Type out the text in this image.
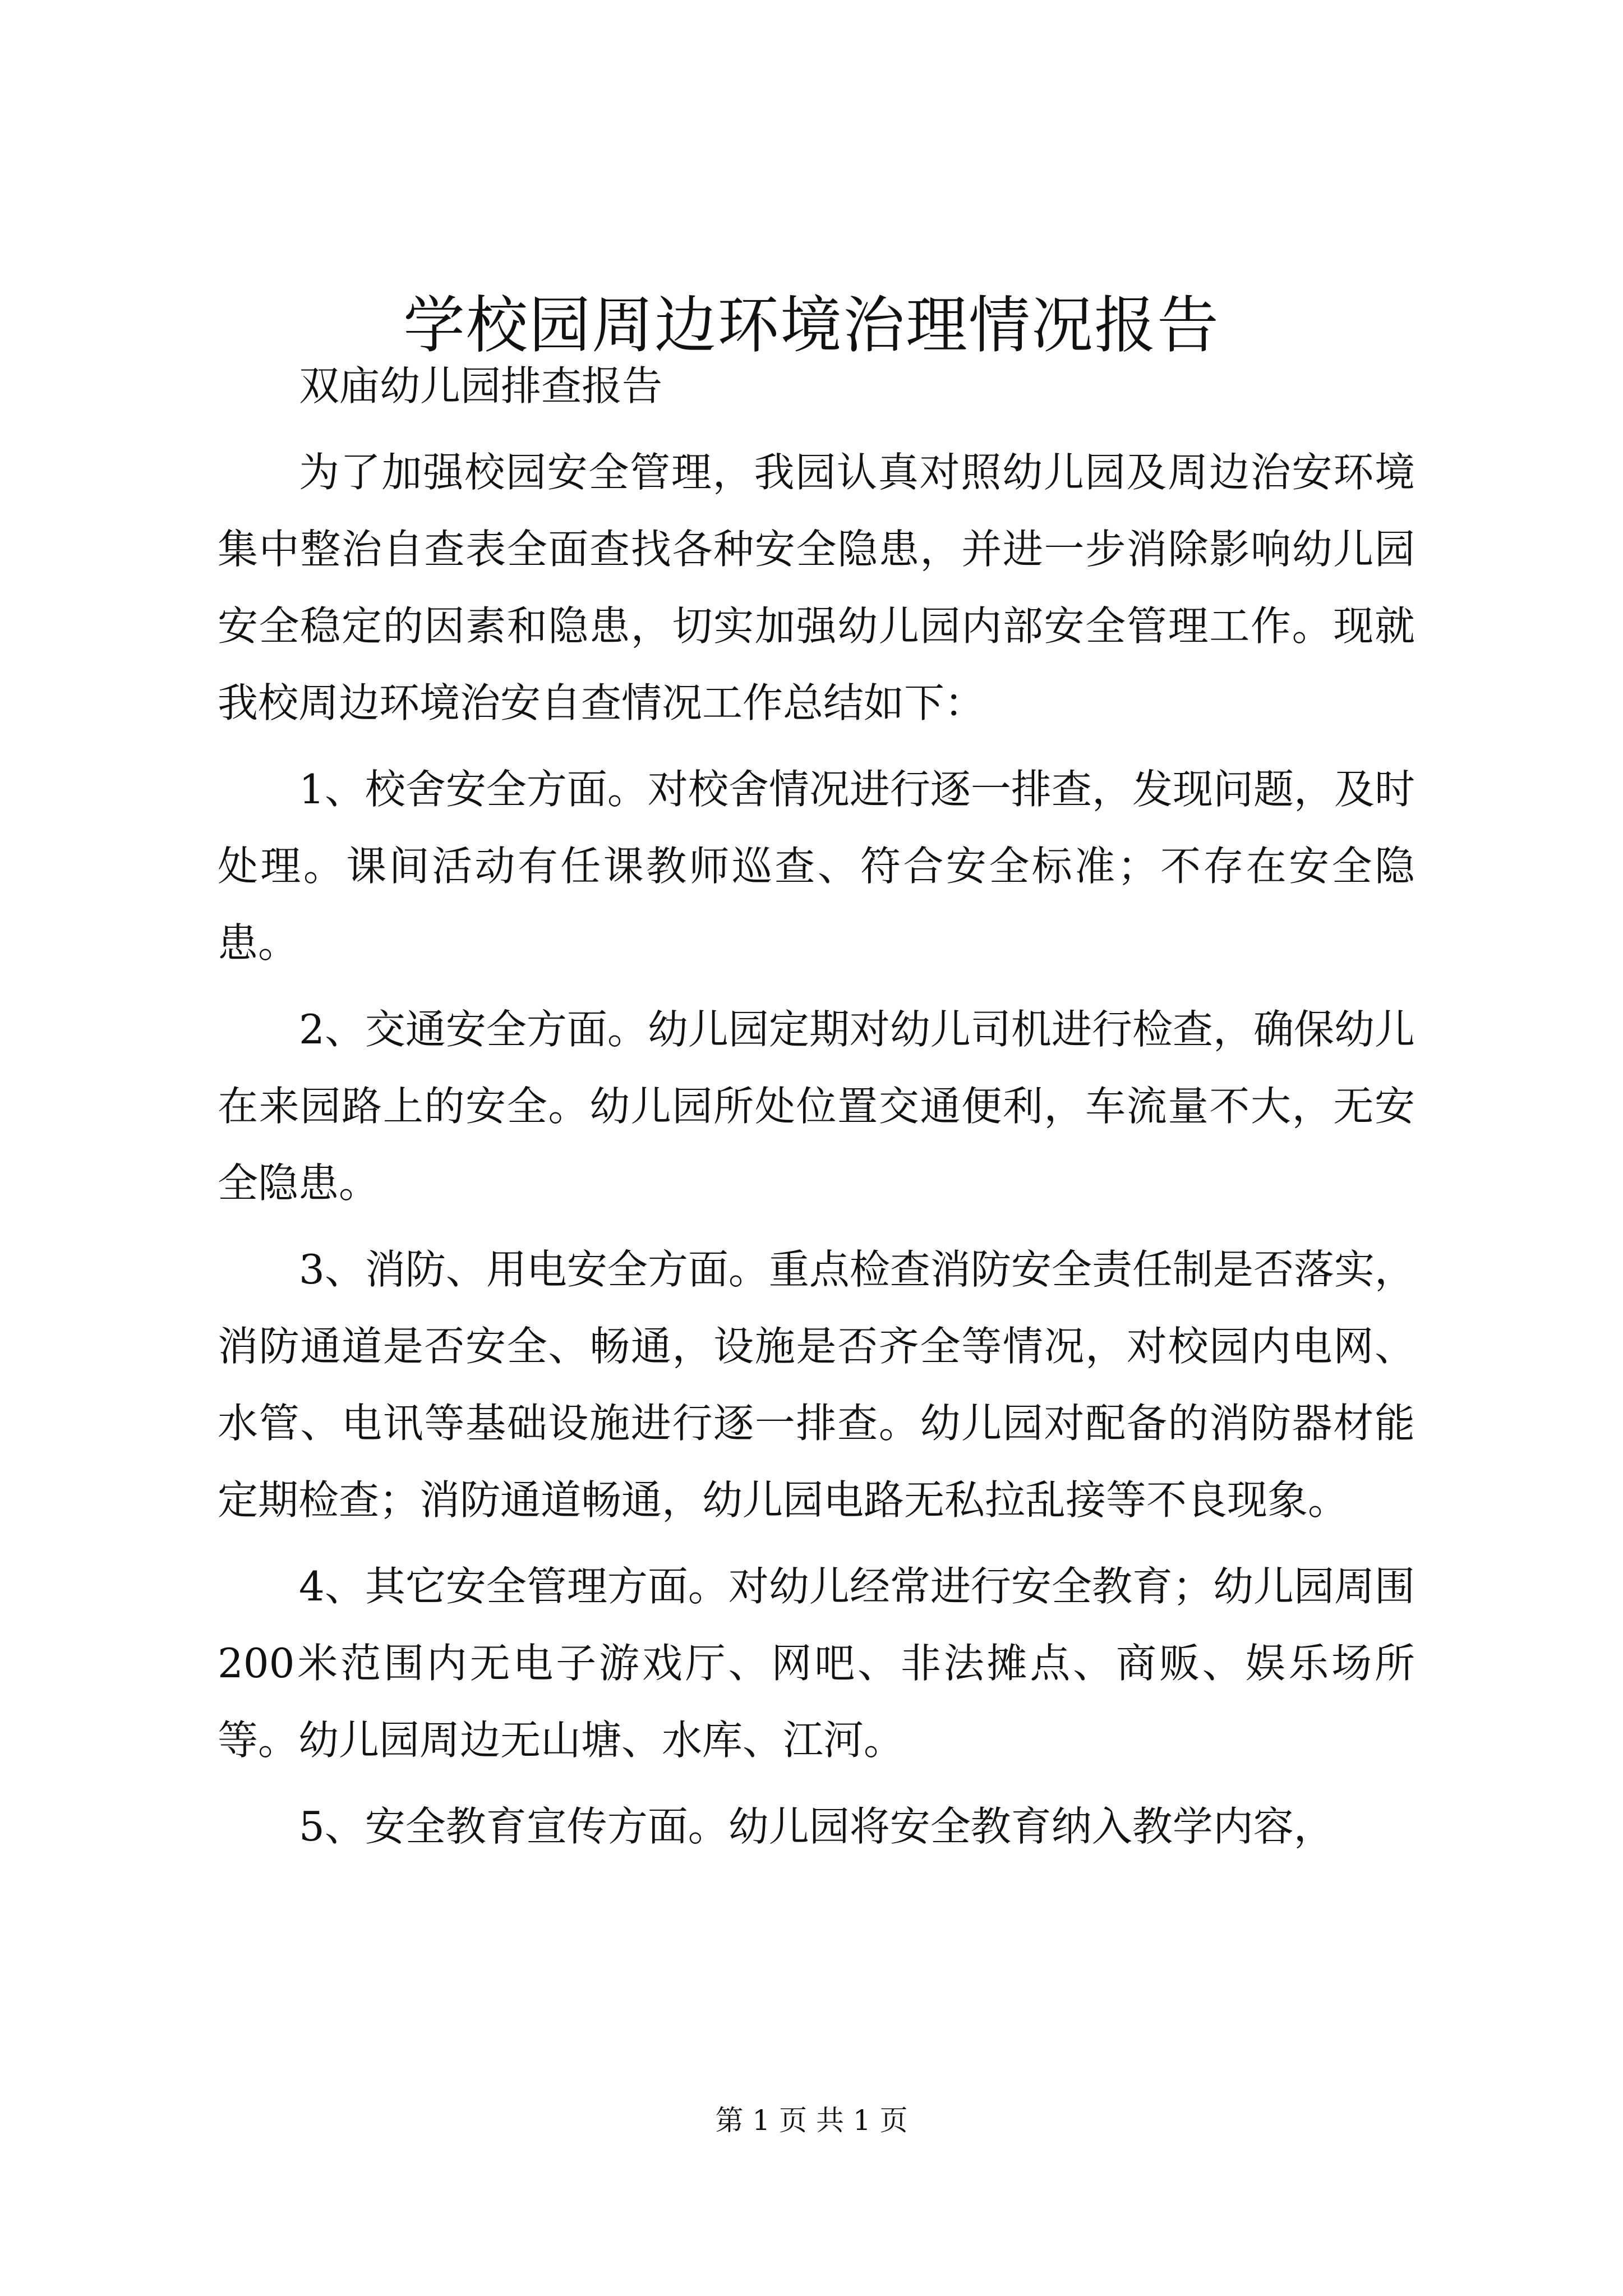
学校园周边环境治理情况报告

双庙幼儿园排查报告

为了加强校园安全管理，我园认真对照幼儿园及周边治安环境集中整治自查表全面查找各种安全隐患，并进一步消除影响幼儿园安全稳定的因素和隐患，切实加强幼儿园内部安全管理工作。现就我校周边环境治安自查情况工作总结如下：

1、校舍安全方面。对校舍情况进行逐一排查，发现问题，及时处理。课间活动有任课教师巡查、符合安全标准；不存在安全隐患。

2、交通安全方面。幼儿园定期对幼儿司机进行检查，确保幼儿在来园路上的安全。幼儿园所处位置交通便利，车流量不大，无安全隐患。

3、消防、用电安全方面。重点检查消防安全责任制是否落实，消防通道是否安全、畅通，设施是否齐全等情况，对校园内电网、水管、电讯等基础设施进行逐一排查。幼儿园对配备的消防器材能定期检查；消防通道畅通，幼儿园电路无私拉乱接等不良现象。

4、其它安全管理方面。对幼儿经常进行安全教育；幼儿园周围200米范围内无电子游戏厅、网吧、非法摊点、商贩、娱乐场所等。幼儿园周边无山塘、水库、江河。

5、安全教育宣传方面。幼儿园将安全教育纳入教学内容，

第 1 页 共 1 页
